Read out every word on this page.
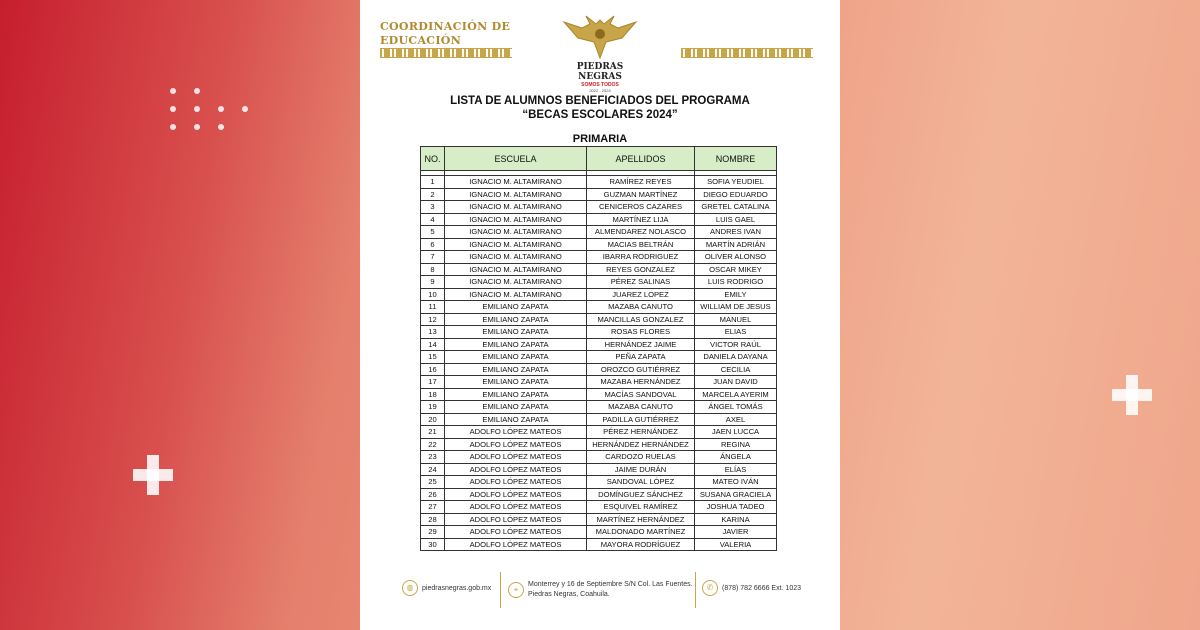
COORDINACIÓN DE
EDUCACIÓN
PIEDRAS NEGRAS
SOMOS TODOS
2022 - 2024
LISTA DE ALUMNOS BENEFICIADOS DEL PROGRAMA
“BECAS ESCOLARES 2024”
PRIMARIA
NO.	ESCUELA	APELLIDOS	NOMBRE

1	IGNACIO M. ALTAMIRANO	RAMÍREZ REYES	SOFIA YEUDIEL
2	IGNACIO M. ALTAMIRANO	GUZMAN MARTÍNEZ	DIEGO EDUARDO
3	IGNACIO M. ALTAMIRANO	CENICEROS CAZARES	GRETEL CATALINA
4	IGNACIO M. ALTAMIRANO	MARTÍNEZ LIJA	LUIS GAEL
5	IGNACIO M. ALTAMIRANO	ALMENDAREZ NOLASCO	ANDRES IVAN
6	IGNACIO M. ALTAMIRANO	MACIAS BELTRÁN	MARTÍN ADRIÁN
7	IGNACIO M. ALTAMIRANO	IBARRA RODRIGUEZ	OLIVER ALONSO
8	IGNACIO M. ALTAMIRANO	REYES GONZALEZ	OSCAR MIKEY
9	IGNACIO M. ALTAMIRANO	PÉREZ SALINAS	LUIS RODRIGO
10	IGNACIO M. ALTAMIRANO	JUAREZ LOPEZ	EMILY
11	EMILIANO ZAPATA	MAZABA CANUTO	WILLIAM DE JESUS
12	EMILIANO ZAPATA	MANCILLAS GONZALEZ	MANUEL
13	EMILIANO ZAPATA	ROSAS FLORES	ELIAS
14	EMILIANO ZAPATA	HERNÁNDEZ JAIME	VICTOR RAÚL
15	EMILIANO ZAPATA	PEÑA ZAPATA	DANIELA DAYANA
16	EMILIANO ZAPATA	OROZCO GUTIÉRREZ	CECILIA
17	EMILIANO ZAPATA	MAZABA HERNÁNDEZ	JUAN DAVID
18	EMILIANO ZAPATA	MACÍAS SANDOVAL	MARCELA AYERIM
19	EMILIANO ZAPATA	MAZABA CANUTO	ÁNGEL TOMÁS
20	EMILIANO ZAPATA	PADILLA GUTIÉRREZ	AXEL
21	ADOLFO LÓPEZ MATEOS	PÉREZ HERNÁNDEZ	JAEN LUCCA
22	ADOLFO LÓPEZ MATEOS	HERNÁNDEZ HERNÁNDEZ	REGINA
23	ADOLFO LÓPEZ MATEOS	CARDOZO RUELAS	ÁNGELA
24	ADOLFO LÓPEZ MATEOS	JAIME DURÁN	ELÍAS
25	ADOLFO LÓPEZ MATEOS	SANDOVAL LÓPEZ	MATEO IVÁN
26	ADOLFO LÓPEZ MATEOS	DOMÍNGUEZ SÁNCHEZ	SUSANA GRACIELA
27	ADOLFO LÓPEZ MATEOS	ESQUIVEL RAMÍREZ	JOSHUA TADEO
28	ADOLFO LÓPEZ MATEOS	MARTÍNEZ HERNÁNDEZ	KARINA
29	ADOLFO LÓPEZ MATEOS	MALDONADO MARTÍNEZ	JAVIER
30	ADOLFO LÓPEZ MATEOS	MAYORA RODRÍGUEZ	VALERIA
◍	piedrasnegras.gob.mx	⌖
Monterrey y 16 de Septiembre S/N Col. Las Fuentes.
Piedras Negras, Coahuila.
✆	(878) 782 6666 Ext. 1023
